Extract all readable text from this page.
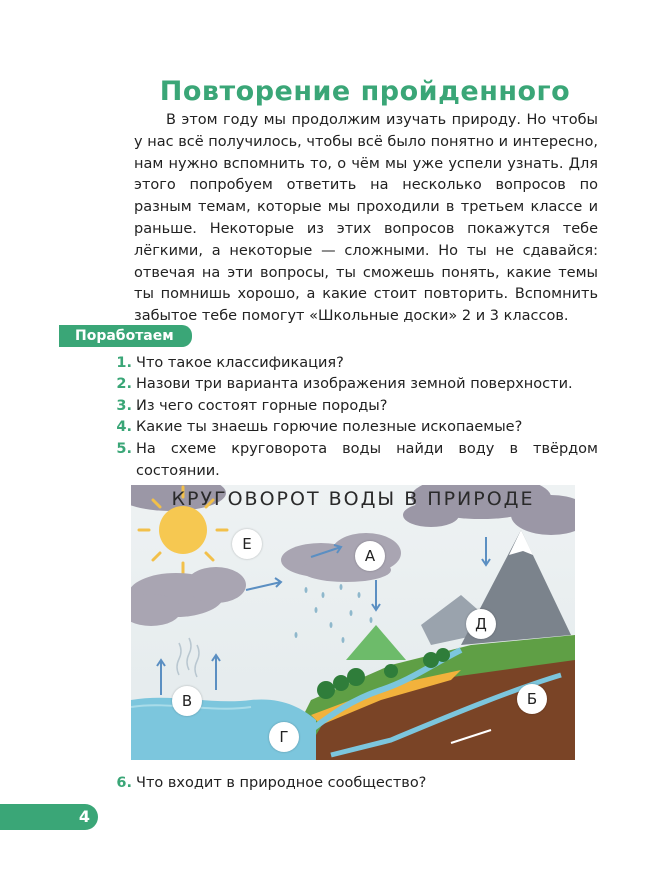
Повторение пройденного

В этом году мы продолжим изучать природу. Но чтобы у нас всё получилось, чтобы всё было понятно и интересно, нам нужно вспомнить то, о чём мы уже успели узнать. Для этого попробуем ответить на несколько вопросов по разным темам, которые мы проходили в третьем классе и раньше. Некоторые из этих вопросов покажутся тебе лёгкими, а некоторые — сложными. Но ты не сдавайся: отвечая на эти вопросы, ты сможешь понять, какие темы ты помнишь хорошо, а какие стоит повторить. Вспомнить забытое тебе помогут «Школьные доски» 2 и 3 классов.

Поработаем
1. Что такое классификация?
2. Назови три варианта изображения земной поверхности.
3. Из чего состоят горные породы?
4. Какие ты знаешь горючие полезные ископаемые?
5. На схеме круговорота воды найди воду в твёрдом состоянии.
КРУГОВОРОТ ВОДЫ В ПРИРОДЕ
Е
А
Д
В	Б
Г
6. Что входит в природное сообщество?
4
